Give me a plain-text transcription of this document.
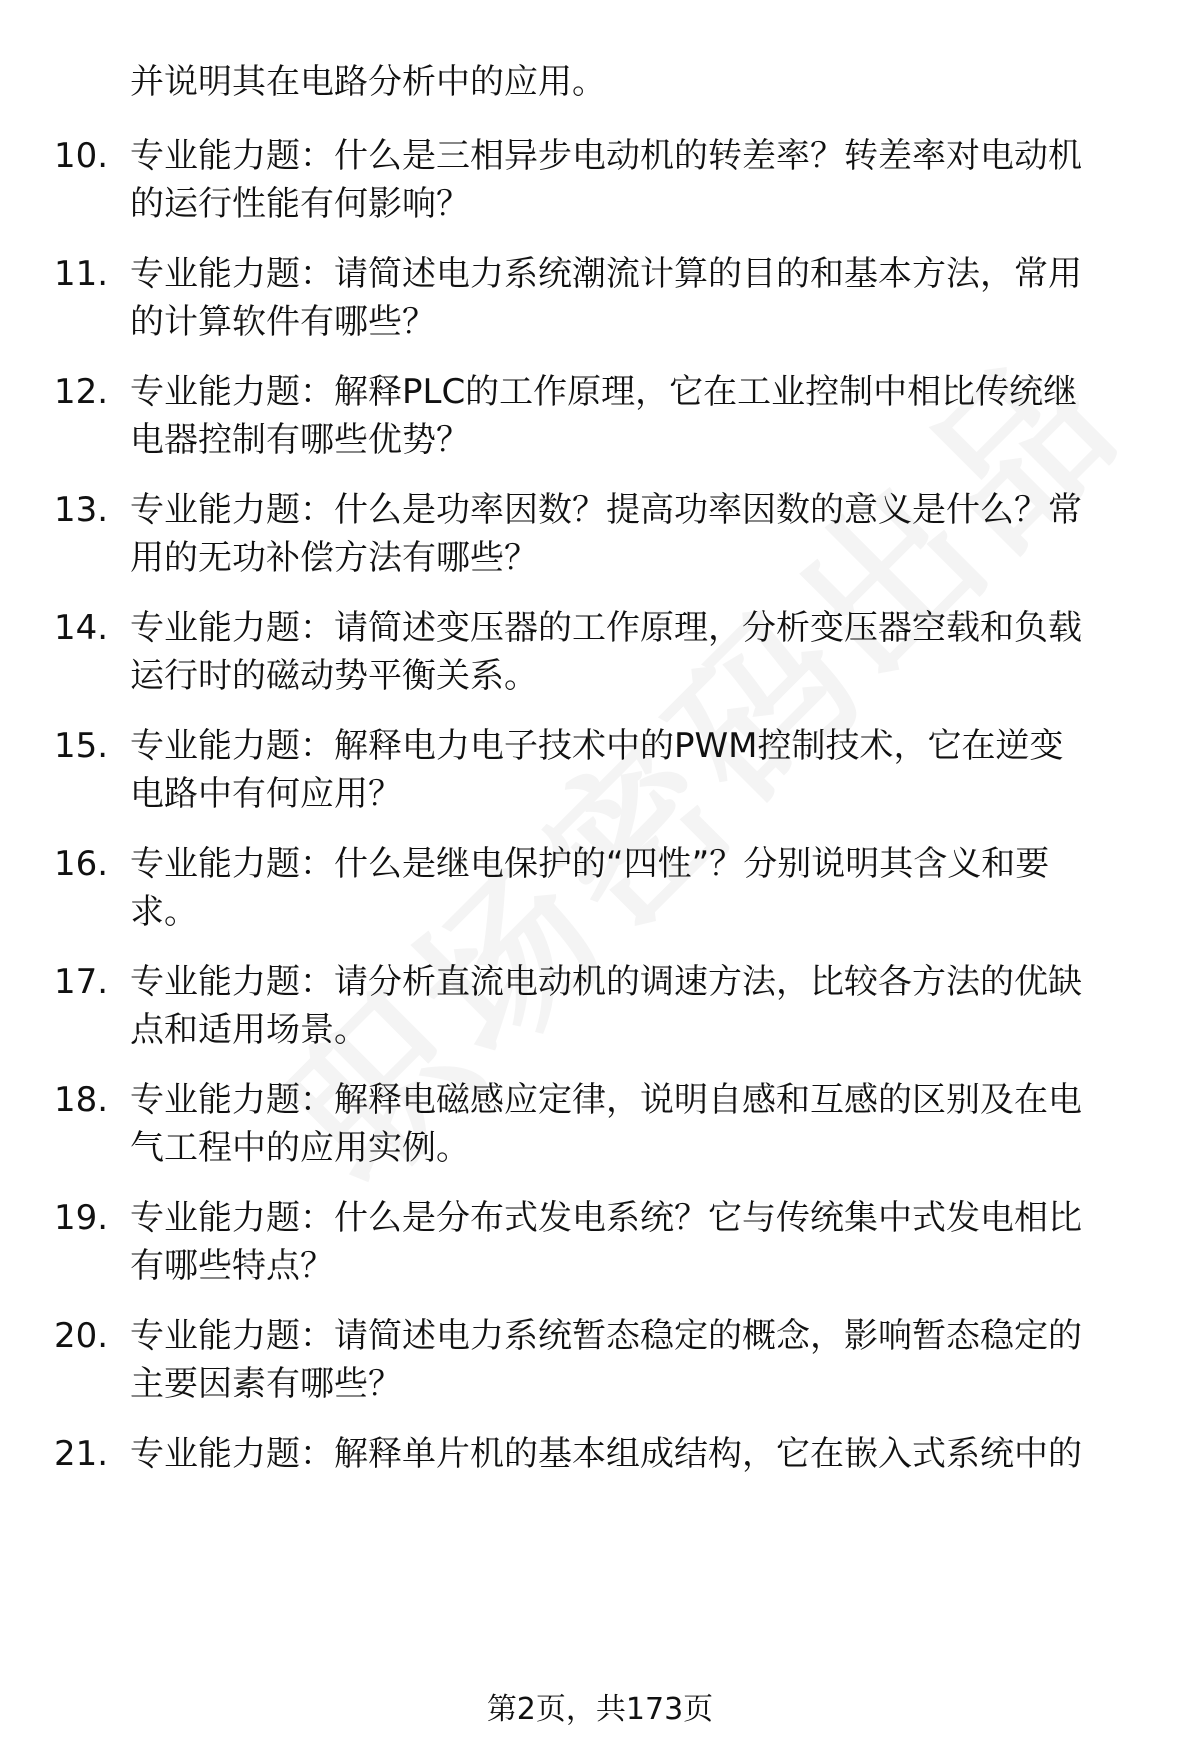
并说明其在电路分析中的应用。
10. 专业能力题：什么是三相异步电动机的转差率？转差率对电动机
的运行性能有何影响？
11. 专业能力题：请简述电力系统潮流计算的目的和基本方法，常用
的计算软件有哪些？
12. 专业能力题：解释PLC的工作原理，它在工业控制中相比传统继
电器控制有哪些优势？
13. 专业能力题：什么是功率因数？提高功率因数的意义是什么？常
用的无功补偿方法有哪些？
14. 专业能力题：请简述变压器的工作原理，分析变压器空载和负载
运行时的磁动势平衡关系。
15. 专业能力题：解释电力电子技术中的PWM控制技术，它在逆变
电路中有何应用？
16. 专业能力题：什么是继电保护的“四性”？分别说明其含义和要
求。
17. 专业能力题：请分析直流电动机的调速方法，比较各方法的优缺
点和适用场景。
18. 专业能力题：解释电磁感应定律，说明自感和互感的区别及在电
气工程中的应用实例。
19. 专业能力题：什么是分布式发电系统？它与传统集中式发电相比
有哪些特点？
20. 专业能力题：请简述电力系统暂态稳定的概念，影响暂态稳定的
主要因素有哪些？
21. 专业能力题：解释单片机的基本组成结构，它在嵌入式系统中的
第2页，共173页
